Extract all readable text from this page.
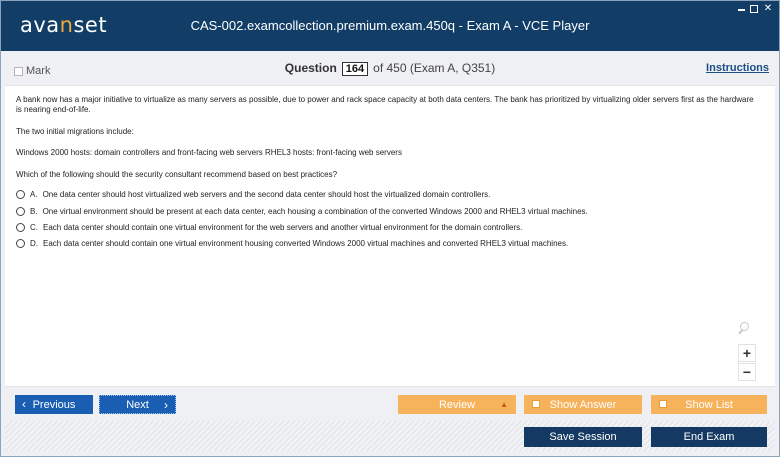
avanset	CAS-002.examcollection.premium.exam.450q - Exam A - VCE Player
✕
Mark	Question 164 of 450 (Exam A, Q351)	Instructions
A bank now has a major initiative to virtualize as many servers as possible, due to power and rack space capacity at both data centers. The bank has prioritized by virtualizing older servers first as the hardware is nearing end-of-life.
The two initial migrations include:
Windows 2000 hosts: domain controllers and front-facing web servers RHEL3 hosts: front-facing web servers
Which of the following should the security consultant recommend based on best practices?
A. One data center should host virtualized web servers and the second data center should host the virtualized domain controllers.
B. One virtual environment should be present at each data center, each housing a combination of the converted Windows 2000 and RHEL3 virtual machines.
C. Each data center should contain one virtual environment for the web servers and another virtual environment for the domain controllers.
D. Each data center should contain one virtual environment housing converted Windows 2000 virtual machines and converted RHEL3 virtual machines.
+
−
‹ Previous	Next ›	Review	▲	Show Answer	Show List
Save Session	End Exam
